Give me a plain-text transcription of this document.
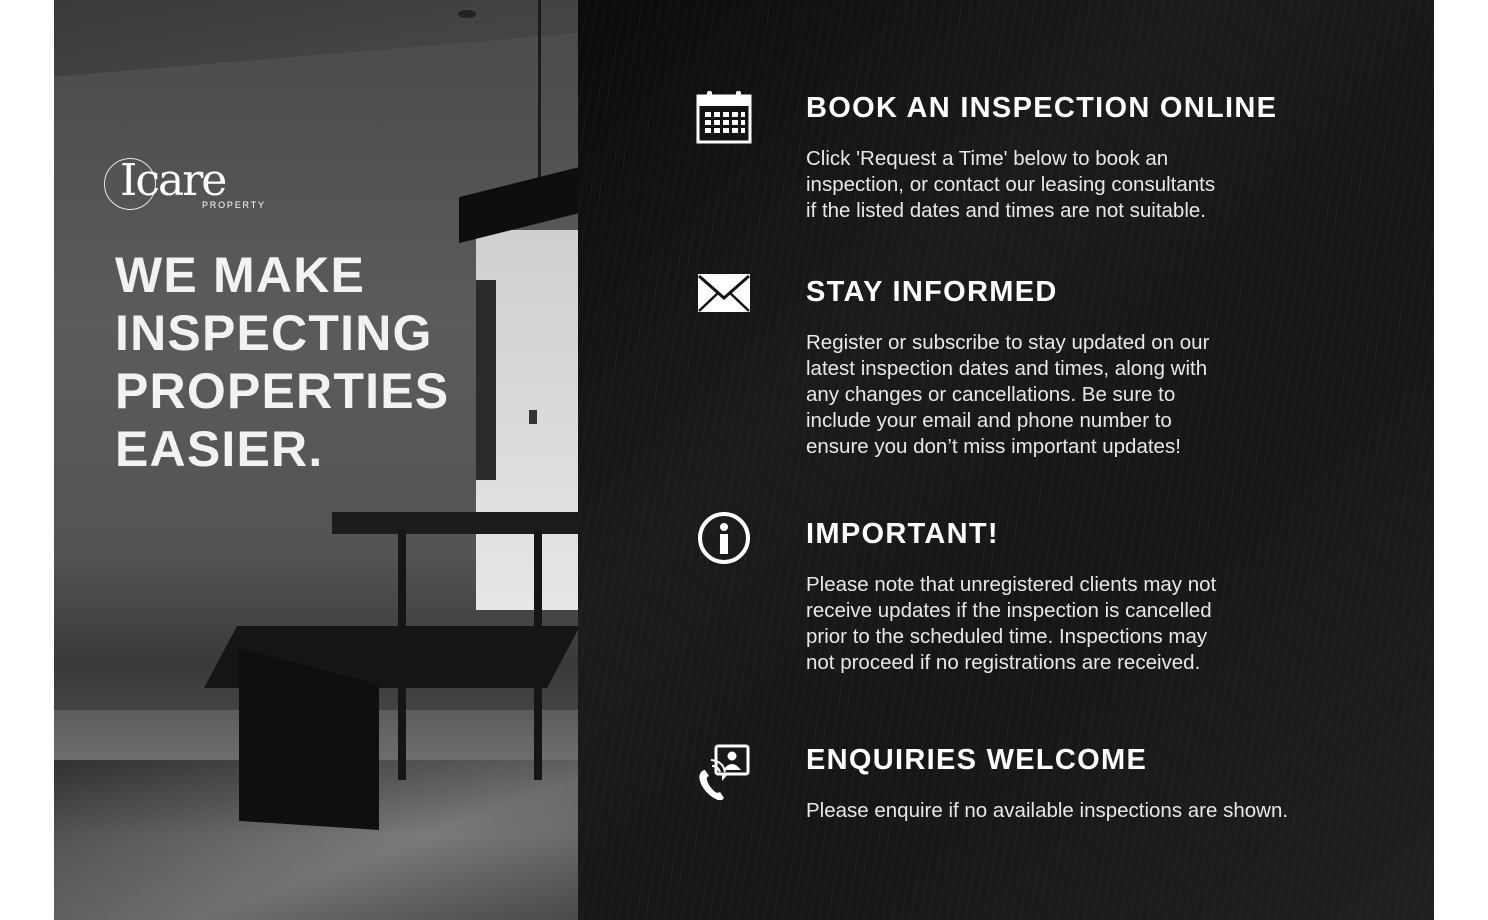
Icare
PROPERTY
WE MAKE
INSPECTING
PROPERTIES
EASIER.
BOOK AN INSPECTION ONLINE
Click 'Request a Time' below to book an
inspection, or contact our leasing consultants
if the listed dates and times are not suitable.
STAY INFORMED
Register or subscribe to stay updated on our
latest inspection dates and times, along with
any changes or cancellations. Be sure to
include your email and phone number to
ensure you don’t miss important updates!
IMPORTANT!
Please note that unregistered clients may not
receive updates if the inspection is cancelled
prior to the scheduled time. Inspections may
not proceed if no registrations are received.
ENQUIRIES WELCOME
Please enquire if no available inspections are shown.
